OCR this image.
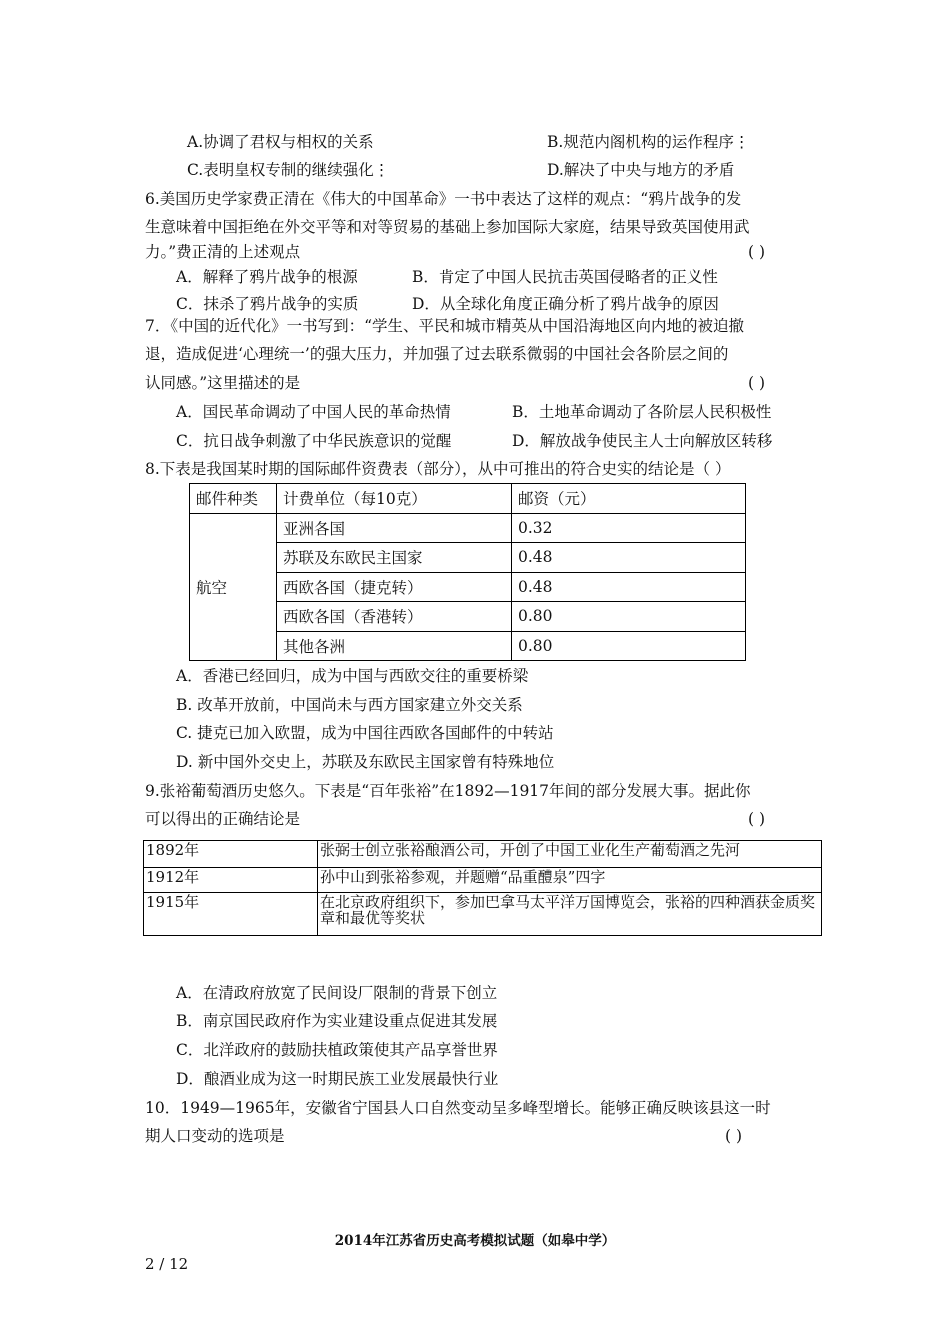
A.协调了君权与相权的关系	B.规范内阁机构的运作程序⋮
C.表明皇权专制的继续强化⋮	D.解决了中央与地方的矛盾
6.美国历史学家费正清在《伟大的中国革命》一书中表达了这样的观点：“鸦片战争的发
生意味着中国拒绝在外交平等和对等贸易的基础上参加国际大家庭，结果导致英国使用武
力。”费正清的上述观点	( )
A．解释了鸦片战争的根源	B．肯定了中国人民抗击英国侵略者的正义性
C．抹杀了鸦片战争的实质	D．从全球化角度正确分析了鸦片战争的原因
7．《中国的近代化》一书写到：“学生、平民和城市精英从中国沿海地区向内地的被迫撤
退，造成促进‘心理统一’的强大压力，并加强了过去联系微弱的中国社会各阶层之间的
认同感。”这里描述的是	( )
A．国民革命调动了中国人民的革命热情	B．土地革命调动了各阶层人民积极性
C．抗日战争刺激了中华民族意识的觉醒	D．解放战争使民主人士向解放区转移
8.下表是我国某时期的国际邮件资费表（部分），从中可推出的符合史实的结论是（ ）
邮件种类	计费单位（每10克）	邮资（元）
航空	亚洲各国	0.32
	苏联及东欧民主国家	0.48
	西欧各国（捷克转）	0.48
	西欧各国（香港转）	0.80
	其他各洲	0.80
A．香港已经回归，成为中国与西欧交往的重要桥梁
B. 改革开放前，中国尚未与西方国家建立外交关系
C. 捷克已加入欧盟，成为中国往西欧各国邮件的中转站
D. 新中国外交史上，苏联及东欧民主国家曾有特殊地位
9.张裕葡萄酒历史悠久。下表是“百年张裕”在1892—1917年间的部分发展大事。据此你
可以得出的正确结论是	( )
1892年	张弼士创立张裕酿酒公司，开创了中国工业化生产葡萄酒之先河
1912年	孙中山到张裕参观，并题赠“品重醴泉”四字
1915年	在北京政府组织下，参加巴拿马太平洋万国博览会，张裕的四种酒获金质奖章和最优等奖状
A．在清政府放宽了民间设厂限制的背景下创立
B．南京国民政府作为实业建设重点促进其发展
C．北洋政府的鼓励扶植政策使其产品享誉世界
D．酿酒业成为这一时期民族工业发展最快行业
10．1949—1965年，安徽省宁国县人口自然变动呈多峰型增长。能够正确反映该县这一时
期人口变动的选项是	( )
2014年江苏省历史高考模拟试题（如皋中学）
2 / 12
